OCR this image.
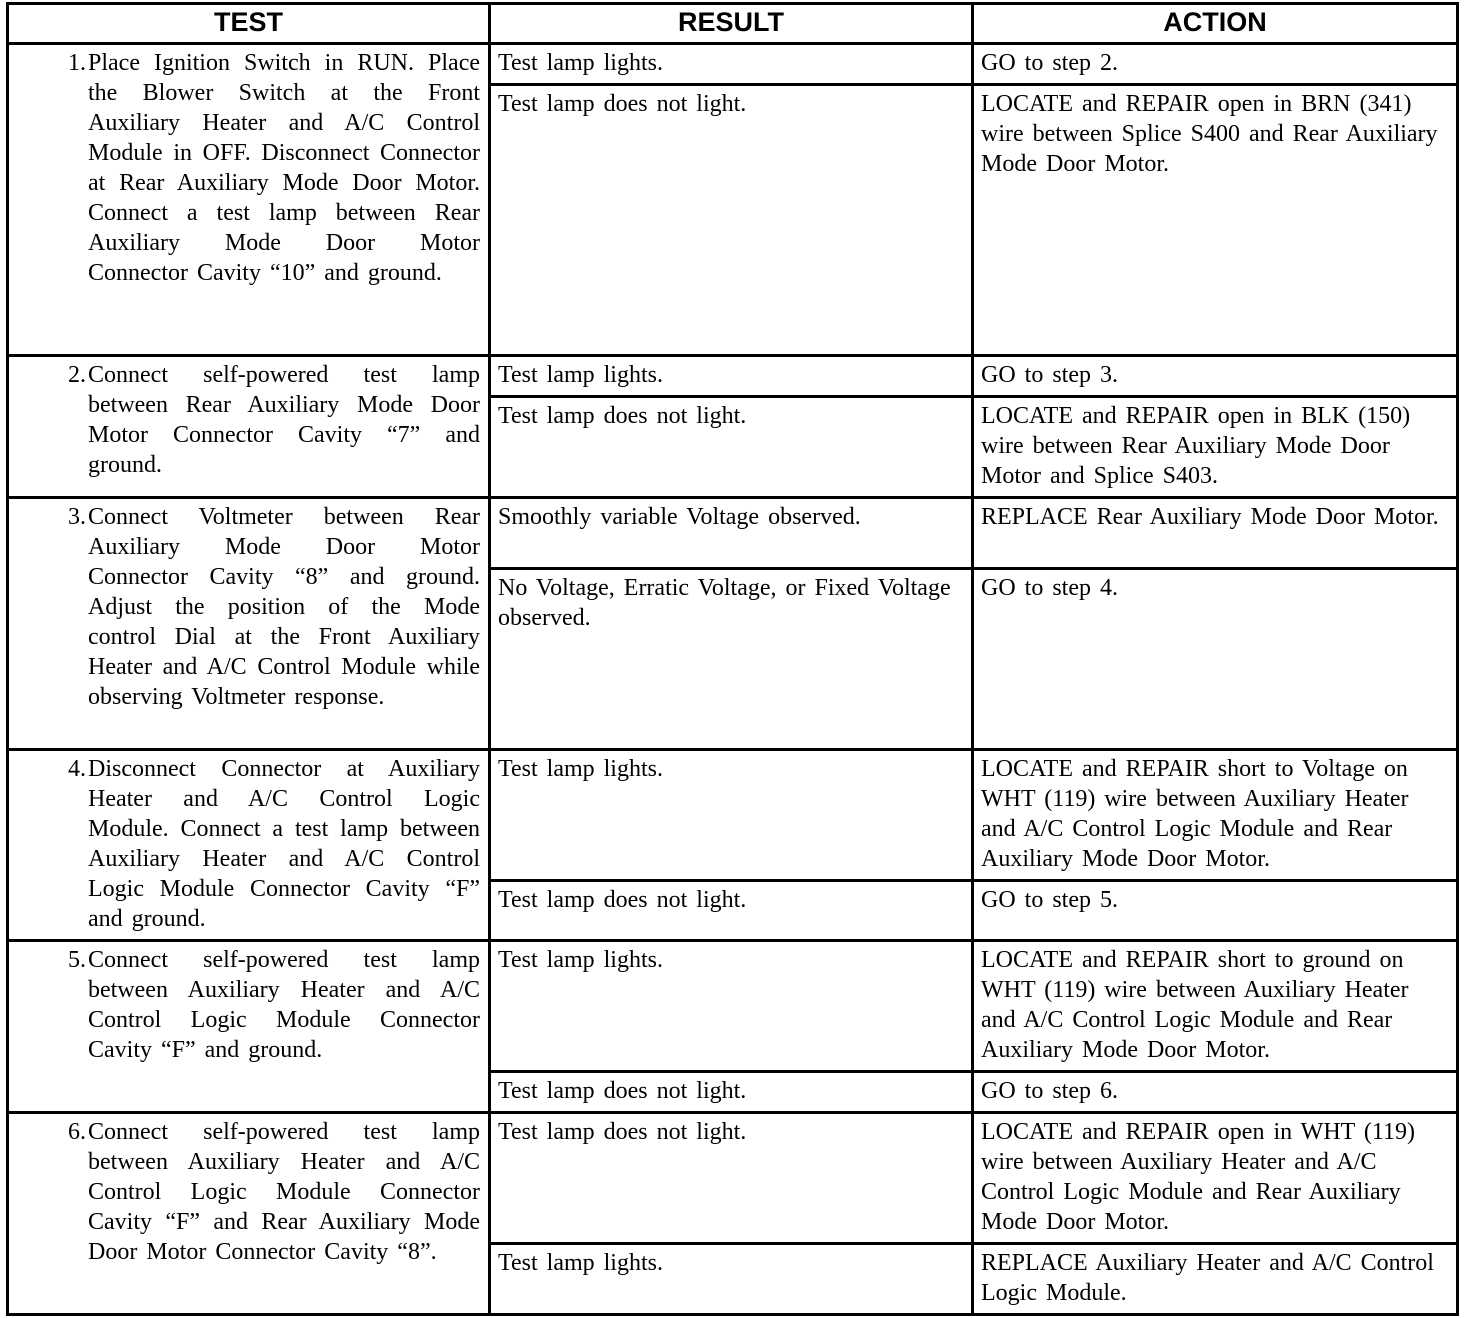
TEST	RESULT	ACTION

1. Place Ignition Switch in RUN. Place the Blower Switch at the Front Auxiliary Heater and A/C Control Module in OFF. Disconnect Connector at Rear Auxiliary Mode Door Motor. Connect a test lamp between Rear Auxiliary Mode Door Motor Connector Cavity “10” and ground.	Test lamp lights.	GO to step 2.
	Test lamp does not light.	LOCATE and REPAIR open in BRN (341) wire between Splice S400 and Rear Auxiliary Mode Door Motor.

2. Connect self-powered test lamp between Rear Auxiliary Mode Door Motor Connector Cavity “7” and ground.	Test lamp lights.	GO to step 3.
	Test lamp does not light.	LOCATE and REPAIR open in BLK (150) wire between Rear Auxiliary Mode Door Motor and Splice S403.

3. Connect Voltmeter between Rear Auxiliary Mode Door Motor Connector Cavity “8” and ground. Adjust the position of the Mode control Dial at the Front Auxiliary Heater and A/C Control Module while observing Voltmeter response.	Smoothly variable Voltage observed.	REPLACE Rear Auxiliary Mode Door Motor.
	No Voltage, Erratic Voltage, or Fixed Voltage observed.	GO to step 4.

4. Disconnect Connector at Auxiliary Heater and A/C Control Logic Module. Connect a test lamp between Auxiliary Heater and A/C Control Logic Module Connector Cavity “F” and ground.	Test lamp lights.	LOCATE and REPAIR short to Voltage on WHT (119) wire between Auxiliary Heater and A/C Control Logic Module and Rear Auxiliary Mode Door Motor.
	Test lamp does not light.	GO to step 5.

5. Connect self-powered test lamp between Auxiliary Heater and A/C Control Logic Module Connector Cavity “F” and ground.	Test lamp lights.	LOCATE and REPAIR short to ground on WHT (119) wire between Auxiliary Heater and A/C Control Logic Module and Rear Auxiliary Mode Door Motor.
	Test lamp does not light.	GO to step 6.

6. Connect self-powered test lamp between Auxiliary Heater and A/C Control Logic Module Connector Cavity “F” and Rear Auxiliary Mode Door Motor Connector Cavity “8”.	Test lamp does not light.	LOCATE and REPAIR open in WHT (119) wire between Auxiliary Heater and A/C Control Logic Module and Rear Auxiliary Mode Door Motor.
	Test lamp lights.	REPLACE Auxiliary Heater and A/C Control Logic Module.
